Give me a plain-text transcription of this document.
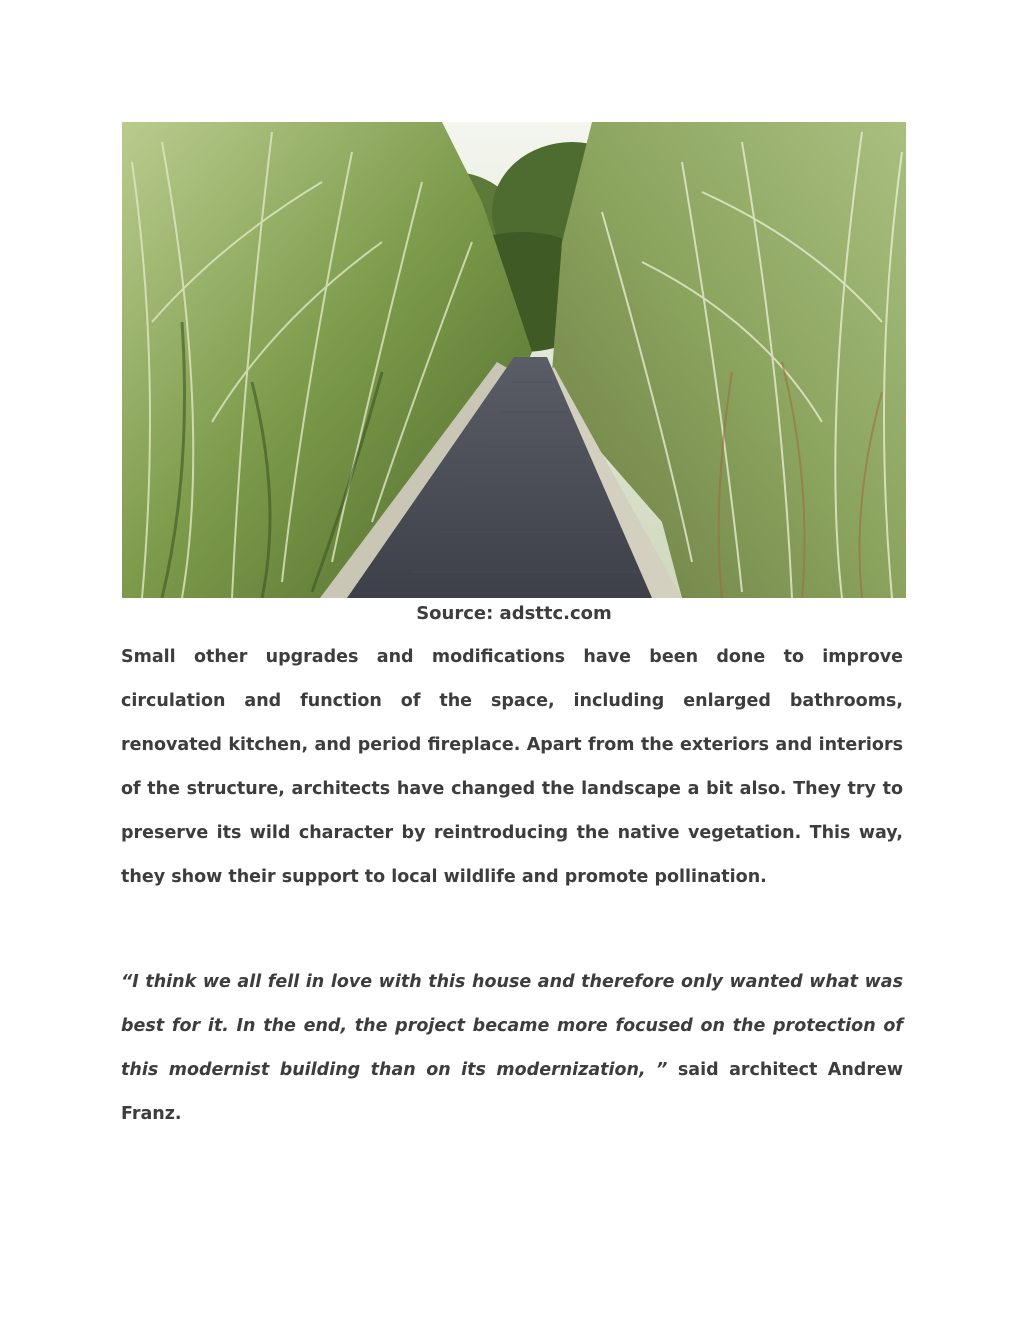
Source: adsttc.com

Small other upgrades and modifications have been done to improve circulation and function of the space, including enlarged bathrooms, renovated kitchen, and period fireplace. Apart from the exteriors and interiors of the structure, architects have changed the landscape a bit also. They try to preserve its wild character by reintroducing the native vegetation. This way, they show their support to local wildlife and promote pollination.

“I think we all fell in love with this house and therefore only wanted what was best for it. In the end, the project became more focused on the protection of this modernist building than on its modernization, ” said architect Andrew Franz.
